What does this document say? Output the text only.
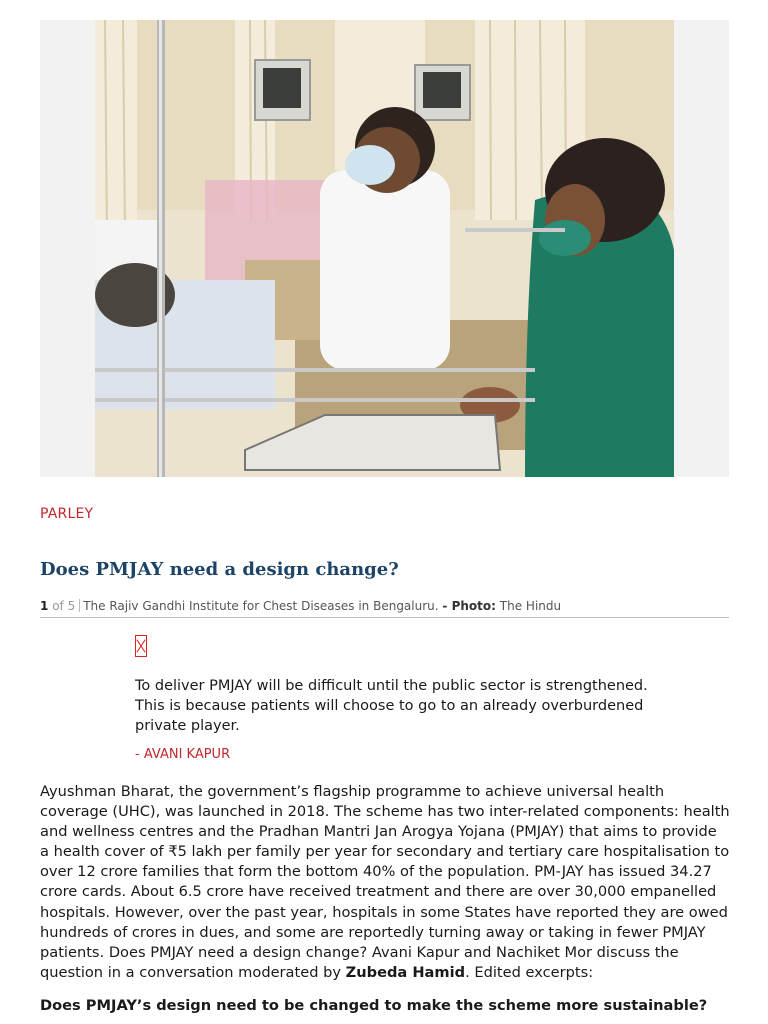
PARLEY
Does PMJAY need a design change?
1 of 5 The Rajiv Gandhi Institute for Chest Diseases in Bengaluru. - Photo: The Hindu

To deliver PMJAY will be difficult until the public sector is strengthened. This is because patients will choose to go to an already overburdened private player.

- AVANI KAPUR

Ayushman Bharat, the government’s flagship programme to achieve universal health coverage (UHC), was launched in 2018. The scheme has two inter-related components: health and wellness centres and the Pradhan Mantri Jan Arogya Yojana (PMJAY) that aims to provide a health cover of ₹5 lakh per family per year for secondary and tertiary care hospitalisation to over 12 crore families that form the bottom 40% of the population. PM-JAY has issued 34.27 crore cards. About 6.5 crore have received treatment and there are over 30,000 empanelled hospitals. However, over the past year, hospitals in some States have reported they are owed hundreds of crores in dues, and some are reportedly turning away or taking in fewer PMJAY patients. Does PMJAY need a design change? Avani Kapur and Nachiket Mor discuss the question in a conversation moderated by Zubeda Hamid. Edited excerpts:

Does PMJAY’s design need to be changed to make the scheme more sustainable?
